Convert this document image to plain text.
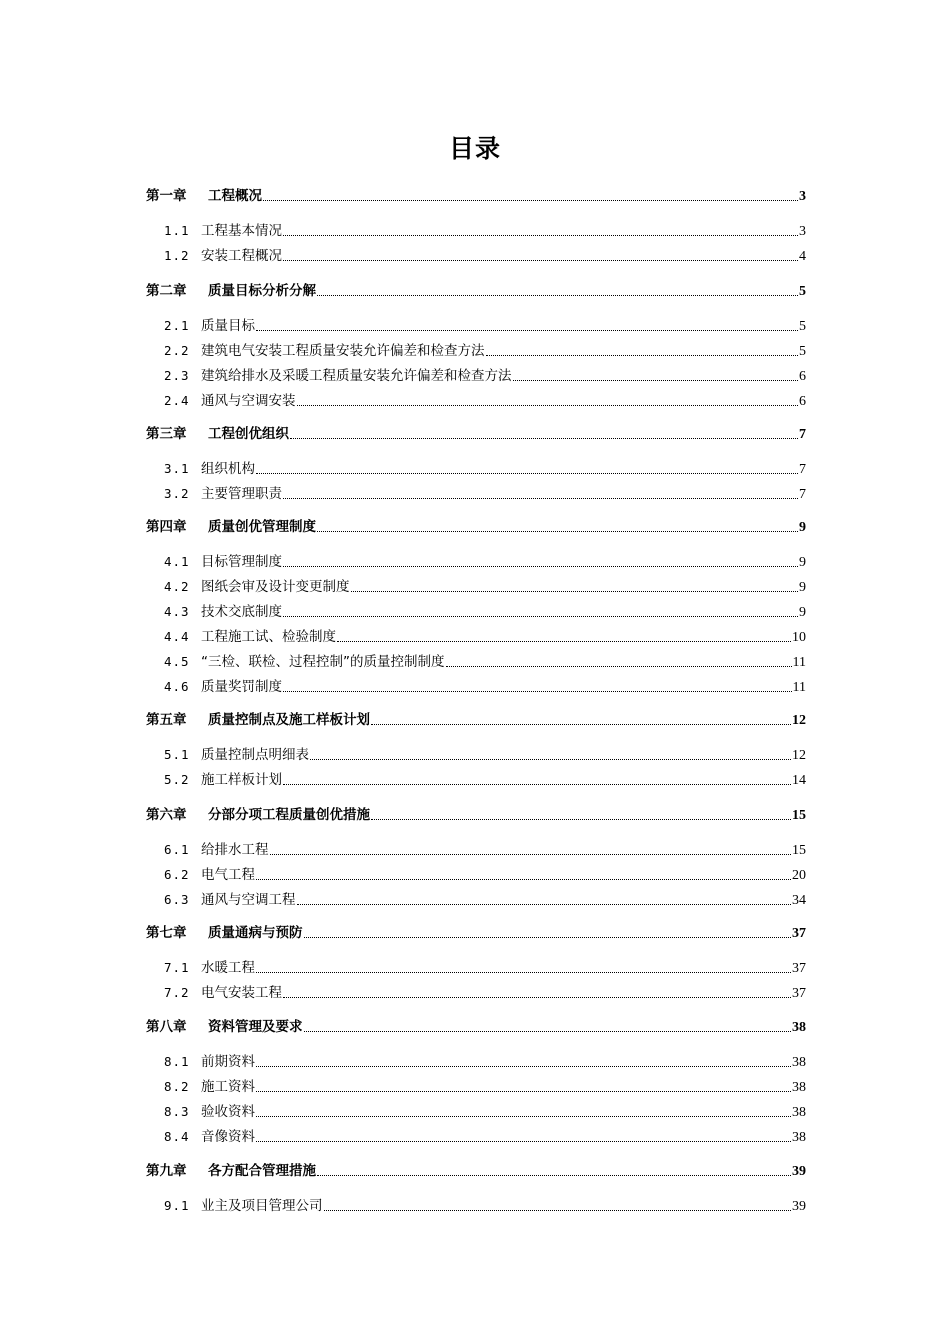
目录
第一章	工程概况	3
1.1 工程基本情况	3
1.2 安装工程概况	4
第二章	质量目标分析分解	5
2.1 质量目标	5
2.2 建筑电气安装工程质量安装允许偏差和检查方法	5
2.3 建筑给排水及采暖工程质量安装允许偏差和检查方法	6
2.4 通风与空调安装	6
第三章	工程创优组织	7
3.1 组织机构	7
3.2 主要管理职责	7
第四章	质量创优管理制度	9
4.1 目标管理制度	9
4.2 图纸会审及设计变更制度	9
4.3 技术交底制度	9
4.4 工程施工试、检验制度	10
4.5 “三检、联检、过程控制”的质量控制制度	11
4.6 质量奖罚制度	11
第五章	质量控制点及施工样板计划	12
5.1 质量控制点明细表	12
5.2 施工样板计划	14
第六章	分部分项工程质量创优措施	15
6.1 给排水工程	15
6.2 电气工程	20
6.3 通风与空调工程	34
第七章	质量通病与预防	37
7.1 水暖工程	37
7.2 电气安装工程	37
第八章	资料管理及要求	38
8.1 前期资料	38
8.2 施工资料	38
8.3 验收资料	38
8.4 音像资料	38
第九章	各方配合管理措施	39
9.1 业主及项目管理公司	39
